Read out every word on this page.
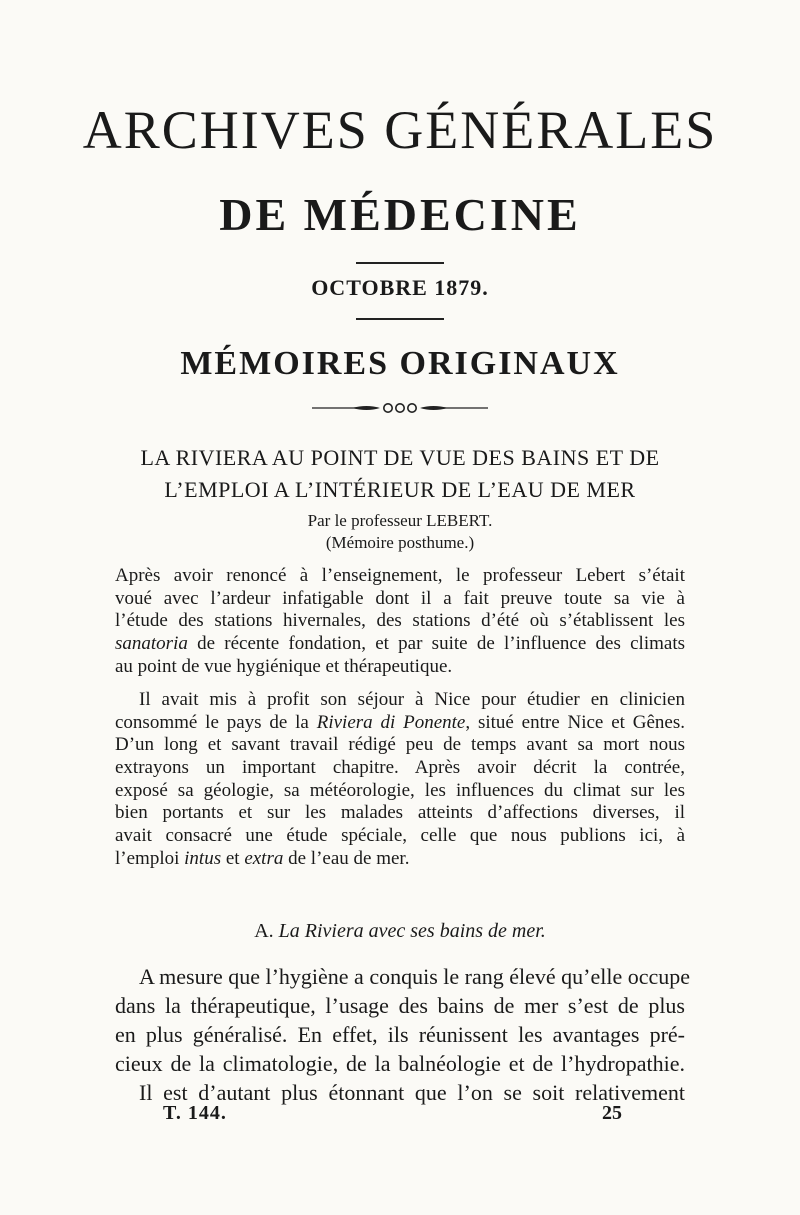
ARCHIVES GÉNÉRALES
DE MÉDECINE
OCTOBRE 1879.
MÉMOIRES ORIGINAUX
LA RIVIERA AU POINT DE VUE DES BAINS ET DE
L’EMPLOI A L’INTÉRIEUR DE L’EAU DE MER
Par le professeur LEBERT.
(Mémoire posthume.)
Après avoir renoncé à l’enseignement, le professeur Lebert s’était
voué avec l’ardeur infatigable dont il a fait preuve toute sa vie à
l’étude des stations hivernales, des stations d’été où s’établissent les
sanatoria de récente fondation, et par suite de l’influence des climats
au point de vue hygiénique et thérapeutique.
Il avait mis à profit son séjour à Nice pour étudier en clinicien
consommé le pays de la Riviera di Ponente, situé entre Nice et Gênes.
D’un long et savant travail rédigé peu de temps avant sa mort nous
extrayons un important chapitre. Après avoir décrit la contrée,
exposé sa géologie, sa météorologie, les influences du climat sur les
bien portants et sur les malades atteints d’affections diverses, il
avait consacré une étude spéciale, celle que nous publions ici, à
l’emploi intus et extra de l’eau de mer.
A. La Riviera avec ses bains de mer.
A mesure que l’hygiène a conquis le rang élevé qu’elle occupe
dans la thérapeutique, l’usage des bains de mer s’est de plus
en plus généralisé. En effet, ils réunissent les avantages pré-
cieux de la climatologie, de la balnéologie et de l’hydropathie.
Il est d’autant plus étonnant que l’on se soit relativement
T. 144.	25
